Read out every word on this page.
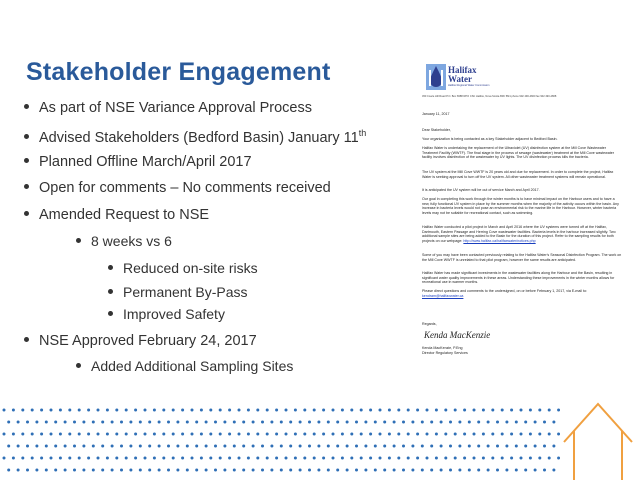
Stakeholder Engagement
As part of NSE Variance Approval Process
Advised Stakeholders (Bedford Basin) January 11th
Planned Offline March/April 2017
Open for comments – No comments received
Amended Request to NSE
8 weeks vs 6
Reduced on-site risks
Permanent By-Pass
Improved Safety
NSE Approved February 24, 2017
Added Additional Sampling Sites
Halifax
Water
Halifax Regional Water Commission
450 Cowie Hill Road P.O. Box 8388 RPO CSC Halifax, Nova Scotia B3K 5M1 phone 902 490-4820 fax 902 490-4808
January 11, 2017
Dear Stakeholder,
Your organization is being contacted as a key Stakeholder adjacent to Bedford Basin.
Halifax Water is undertaking the replacement of the Ultraviolet (UV) disinfection system at the Mill Cove Wastewater Treatment Facility (WWTF). The final stage in the process of sewage (wastewater) treatment at the Mill Cove wastewater facility involves disinfection of the wastewater by UV lights. The UV disinfection process kills the bacteria.
The UV system at the Mill Cove WWTF is 20 years old and due for replacement. In order to complete the project, Halifax Water is seeking approval to turn off the UV system. All other wastewater treatment systems will remain operational.
It is anticipated the UV system will be out of service March and April 2017.
Our goal in completing this work through the winter months is to have minimal impact on the Harbour users and to have a new, fully functional UV system in place by the summer months when the majority of the activity occurs within the basin. Any increase in bacteria levels would not pose an environmental risk to the marine life in the Harbour. However, winter bacteria levels may not be suitable for recreational contact, such as swimming.
Halifax Water conducted a pilot project in March and April 2016 where the UV systems were turned off at the Halifax, Dartmouth, Eastern Passage and Herring Cove wastewater facilities. Bacteria levels in the harbour increased slightly. Two additional sample sites are being added to the Basin for the duration of this project. Refer to the sampling results for both projects on our webpage: http://www.halifax.ca/halifaxwater/notices.php
Some of you may have been contacted previously relating to the Halifax Water's Seasonal Disinfection Program. The work on the Mill Cove WWTF is unrelated to that pilot program, however the same results are anticipated.
Halifax Water has made significant investments in the wastewater facilities along the Harbour and the Basin, resulting in significant water quality improvements in these areas. Understanding these improvements in the winter months allows for recreational use in warmer months.
Please direct questions and comments to the undersigned, on or before February 1, 2017, via E-mail to: kendram@halifaxwater.ca
Regards,
Kenda MacKenzie
Kenda MacKenzie, P.Eng
Director Regulatory Services
